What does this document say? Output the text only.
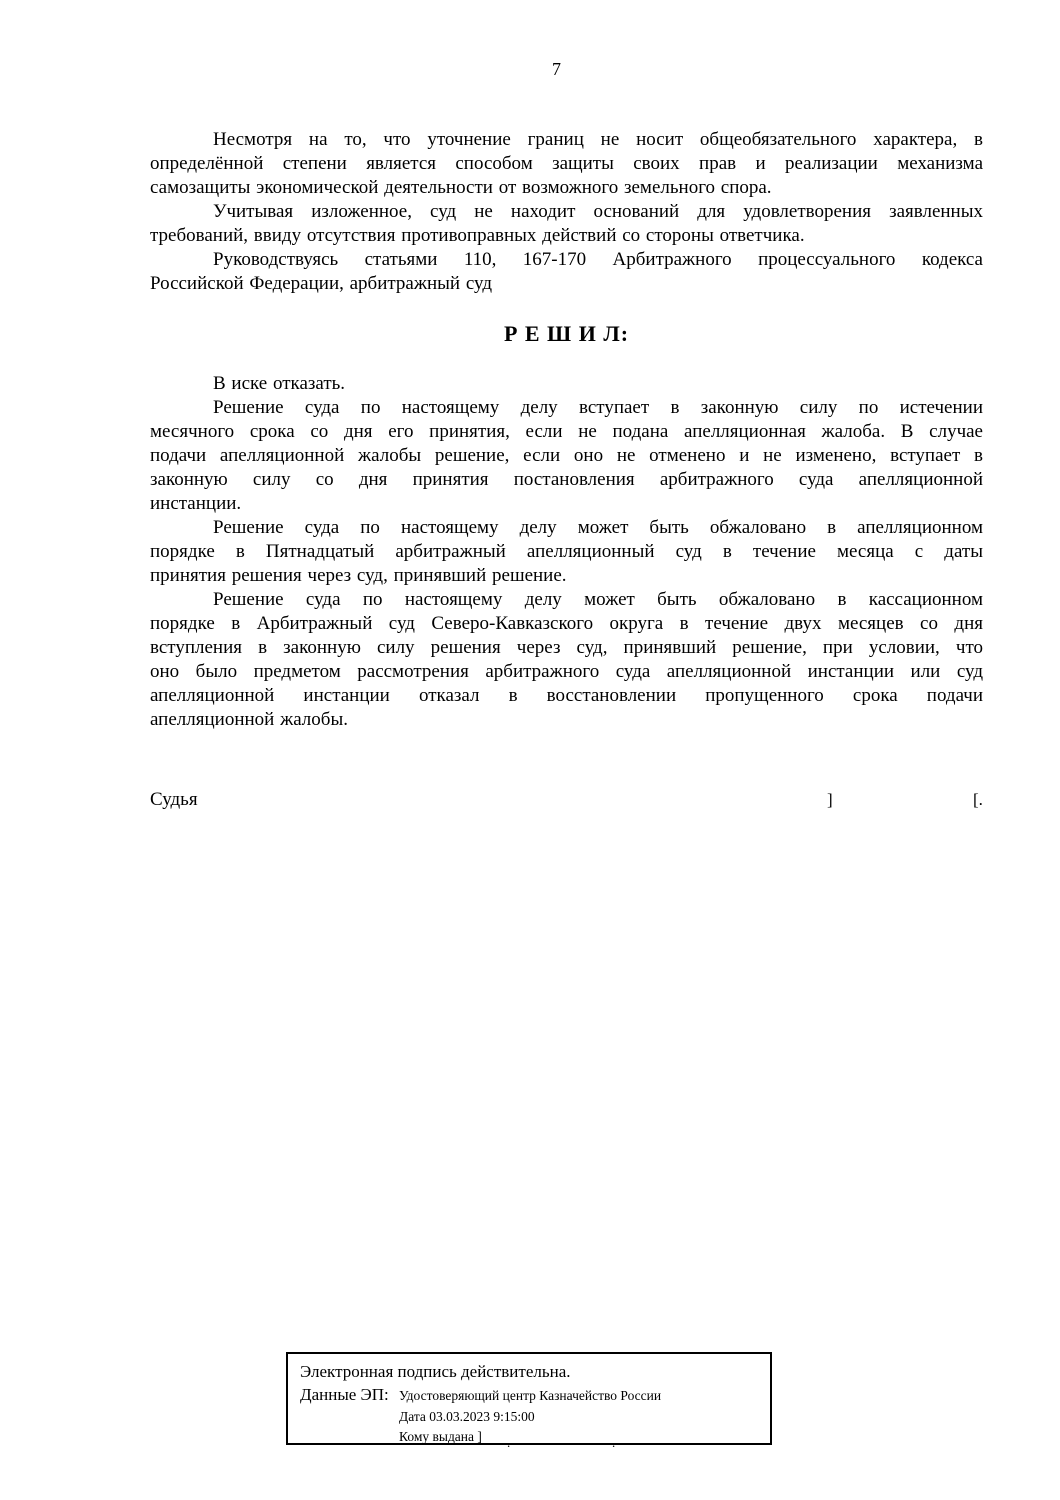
7
Несмотря на то, что уточнение границ не носит общеобязательного характера, в
определённой степени является способом защиты своих прав и реализации механизма
самозащиты экономической деятельности от возможного земельного спора.
Учитывая изложенное, суд не находит оснований для удовлетворения заявленных
требований, ввиду отсутствия противоправных действий со стороны ответчика.
Руководствуясь статьями 110, 167-170 Арбитражного процессуального кодекса
Российской Федерации, арбитражный суд
Р Е Ш И Л:
В иске отказать.
Решение суда по настоящему делу вступает в законную силу по истечении
месячного срока со дня его принятия, если не подана апелляционная жалоба. В случае
подачи апелляционной жалобы решение, если оно не отменено и не изменено, вступает в
законную силу со дня принятия постановления арбитражного суда апелляционной
инстанции.
Решение суда по настоящему делу может быть обжаловано в апелляционном
порядке в Пятнадцатый арбитражный апелляционный суд в течение месяца с даты
принятия решения через суд, принявший решение.
Решение суда по настоящему делу может быть обжаловано в кассационном
порядке в Арбитражный суд Северо-Кавказского округа в течение двух месяцев со дня
вступления в законную силу решения через суд, принявший решение, при условии, что
оно было предметом рассмотрения арбитражного суда апелляционной инстанции или суд
апелляционной инстанции отказал в восстановлении пропущенного срока подачи
апелляционной жалобы.
Судья	]	[.
Электронная подпись действительна.
Данные ЭП: Удостоверяющий центр Казначейство России
Дата 03.03.2023 9:15:00
Кому выдана ] .	.
